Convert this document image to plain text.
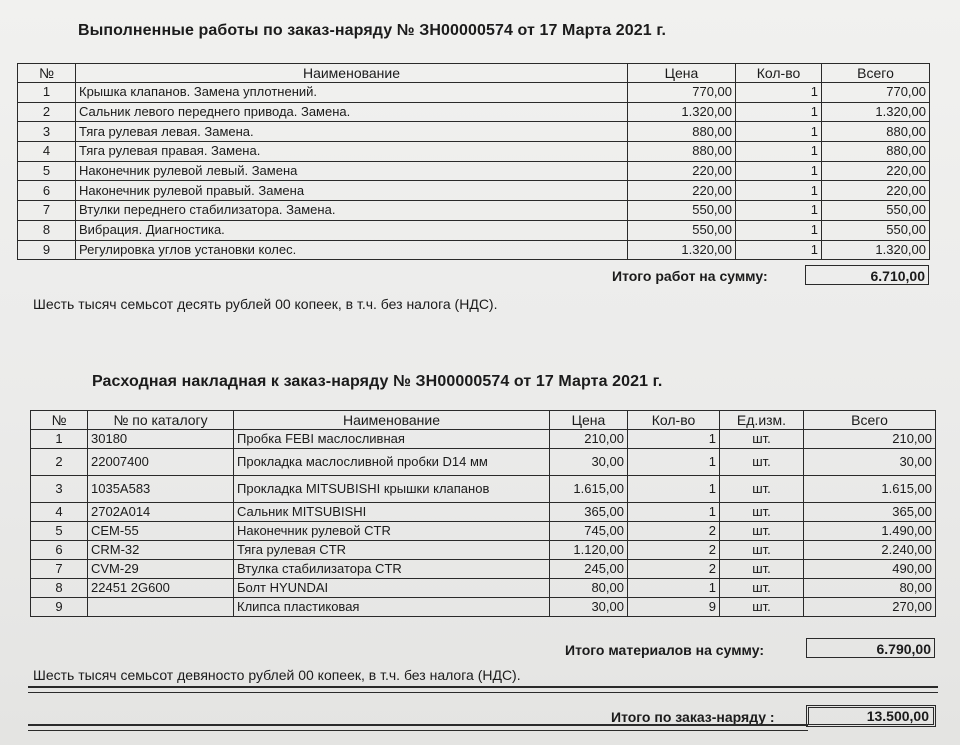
Выполненные работы по заказ-наряду № ЗН00000574 от 17 Марта 2021 г.
№	Наименование	Цена	Кол-во	Всего
1	Крышка клапанов. Замена уплотнений.	770,00	1	770,00
2	Сальник левого переднего привода. Замена.	1.320,00	1	1.320,00
3	Тяга рулевая левая. Замена.	880,00	1	880,00
4	Тяга рулевая правая. Замена.	880,00	1	880,00
5	Наконечник рулевой левый. Замена	220,00	1	220,00
6	Наконечник рулевой правый. Замена	220,00	1	220,00
7	Втулки переднего стабилизатора. Замена.	550,00	1	550,00
8	Вибрация. Диагностика.	550,00	1	550,00
9	Регулировка углов установки колес.	1.320,00	1	1.320,00
Итого работ на сумму:	6.710,00
Шесть тысяч семьсот десять рублей 00 копеек, в т.ч. без налога (НДС).
Расходная накладная к заказ-наряду № ЗН00000574 от 17 Марта 2021 г.
№	№ по каталогу	Наименование	Цена	Кол-во	Ед.изм.	Всего
1	30180	Пробка FEBI маслосливная	210,00	1	шт.	210,00
2	22007400	Прокладка маслосливной пробки D14 мм	30,00	1	шт.	30,00
3	1035A583	Прокладка MITSUBISHI крышки клапанов	1.615,00	1	шт.	1.615,00
4	2702A014	Сальник MITSUBISHI	365,00	1	шт.	365,00
5	CEM-55	Наконечник рулевой CTR	745,00	2	шт.	1.490,00
6	CRM-32	Тяга рулевая CTR	1.120,00	2	шт.	2.240,00
7	CVM-29	Втулка стабилизатора CTR	245,00	2	шт.	490,00
8	22451 2G600	Болт HYUNDAI	80,00	1	шт.	80,00
9		Клипса пластиковая	30,00	9	шт.	270,00
Итого материалов на сумму:	6.790,00
Шесть тысяч семьсот девяносто рублей 00 копеек, в т.ч. без налога (НДС).
Итого по заказ-наряду :	13.500,00
